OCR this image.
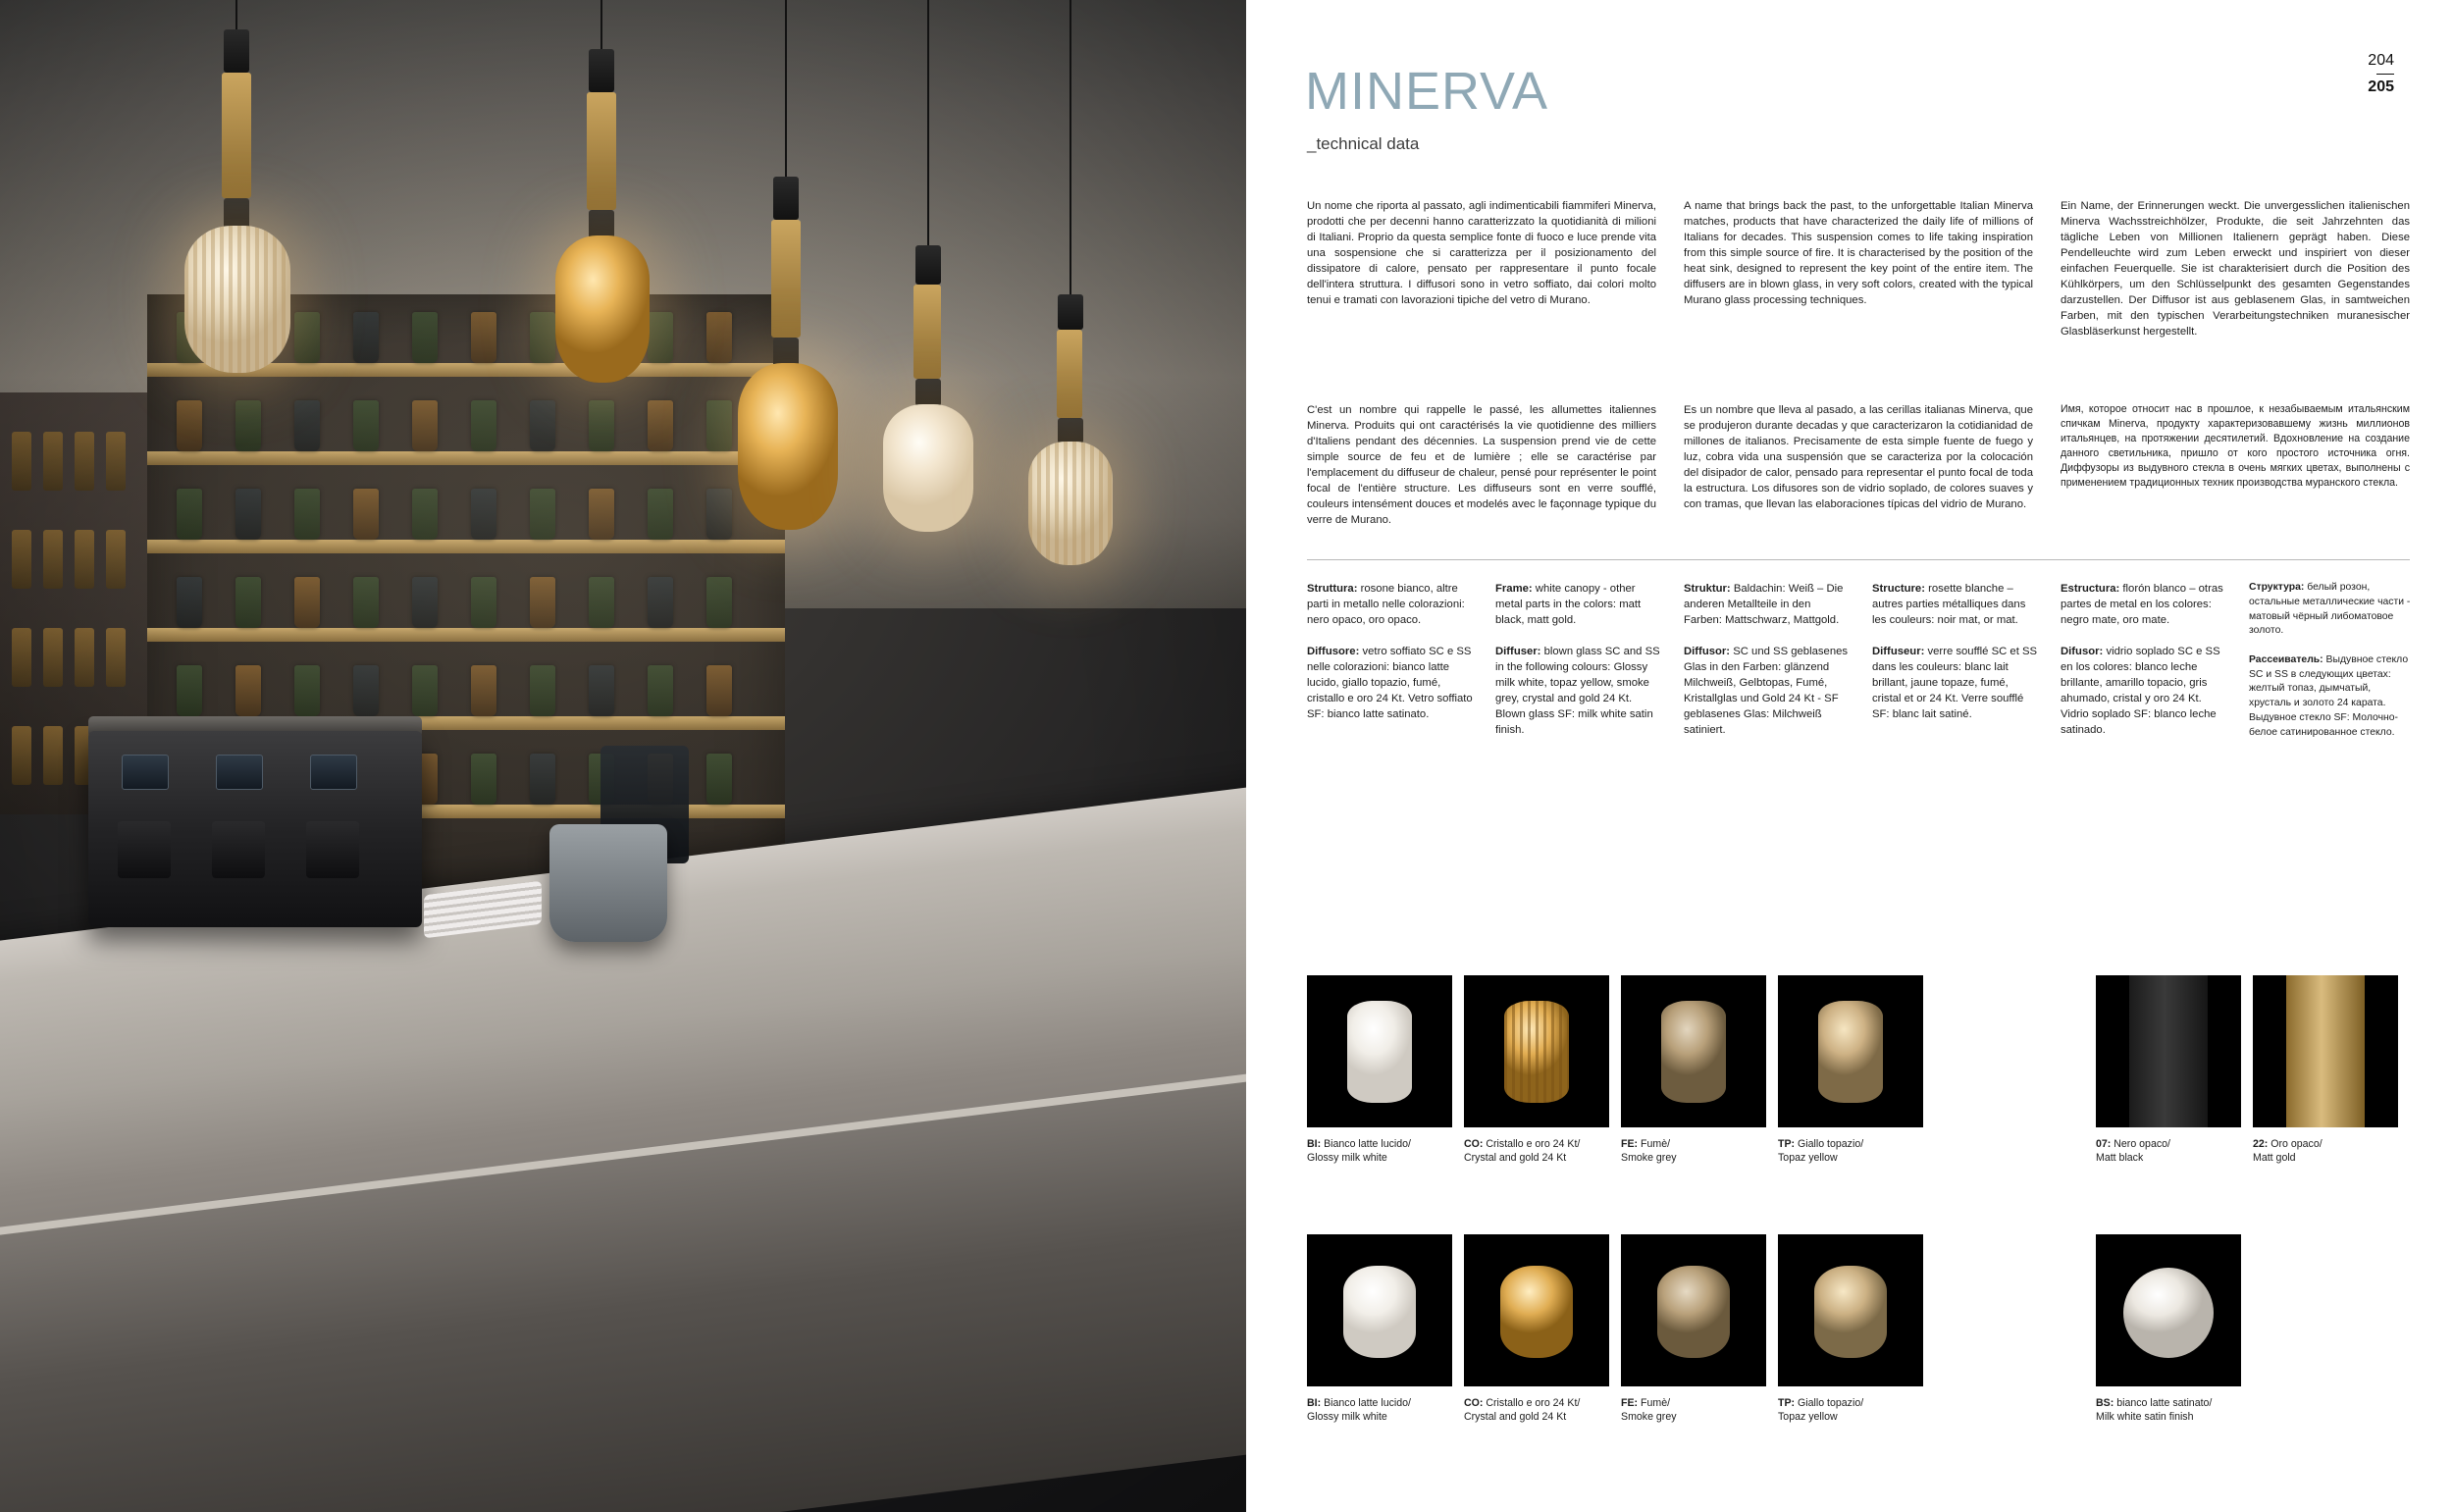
204
205
MINERVA
_technical data
Un nome che riporta al passato, agli indimenticabili fiammiferi Minerva, prodotti che per decenni hanno caratterizzato la quotidianità di milioni di Italiani. Proprio da questa semplice fonte di fuoco e luce prende vita una sospensione che si caratterizza per il posizionamento del dissipatore di calore, pensato per rappresentare il punto focale dell'intera struttura. I diffusori sono in vetro soffiato, dai colori molto tenui e tramati con lavorazioni tipiche del vetro di Murano.
A name that brings back the past, to the unforgettable Italian Minerva matches, products that have characterized the daily life of millions of Italians for decades. This suspension comes to life taking inspiration from this simple source of fire. It is characterised by the position of the heat sink, designed to represent the key point of the entire item. The diffusers are in blown glass, in very soft colors, created with the typical Murano glass processing techniques.
Ein Name, der Erinnerungen weckt. Die unvergesslichen italienischen Minerva Wachsstreichhölzer, Produkte, die seit Jahrzehnten das tägliche Leben von Millionen Italienern geprägt haben. Diese Pendelleuchte wird zum Leben erweckt und inspiriert von dieser einfachen Feuerquelle. Sie ist charakterisiert durch die Position des Kühlkörpers, um den Schlüsselpunkt des gesamten Gegenstandes darzustellen. Der Diffusor ist aus geblasenem Glas, in samtweichen Farben, mit den typischen Verarbeitungstechniken muranesischer Glasbläserkunst hergestellt.
C'est un nombre qui rappelle le passé, les allumettes italiennes Minerva. Produits qui ont caractérisés la vie quotidienne des milliers d'Italiens pendant des décennies. La suspension prend vie de cette simple source de feu et de lumière ; elle se caractérise par l'emplacement du diffuseur de chaleur, pensé pour représenter le point focal de l'entière structure. Les diffuseurs sont en verre soufflé, couleurs intensément douces et modelés avec le façonnage typique du verre de Murano.
Es un nombre que lleva al pasado, a las cerillas italianas Minerva, que se produjeron durante decadas y que caracterizaron la cotidianidad de millones de italianos. Precisamente de esta simple fuente de fuego y luz, cobra vida una suspensión que se caracteriza por la colocación del disipador de calor, pensado para representar el punto focal de toda la estructura. Los difusores son de vidrio soplado, de colores suaves y con tramas, que llevan las elaboraciones típicas del vidrio de Murano.
Имя, которое относит нас в прошлое, к незабываемым итальянским спичкам Minerva, продукту характеризовавшему жизнь миллионов итальянцев, на протяжении десятилетий. Вдохновление на создание данного светильника, пришло от кого простого источника огня. Диффузоры из выдувного стекла в очень мягких цветах, выполнены с применением традиционных техник производства муранского стекла.
Struttura: rosone bianco, altre parti in metallo nelle colorazioni: nero opaco, oro opaco.

Diffusore: vetro soffiato SC e SS nelle colorazioni: bianco latte lucido, giallo topazio, fumé, cristallo e oro 24 Kt. Vetro soffiato SF: bianco latte satinato.
Frame: white canopy - other metal parts in the colors: matt black, matt gold.

Diffuser: blown glass SC and SS in the following colours: Glossy milk white, topaz yellow, smoke grey, crystal and gold 24 Kt. Blown glass SF: milk white satin finish.
Struktur: Baldachin: Weiß – Die anderen Metallteile in den Farben: Mattschwarz, Mattgold.

Diffusor: SC und SS geblasenes Glas in den Farben: glänzend Milchweiß, Gelbtopas, Fumé, Kristallglas und Gold 24 Kt - SF geblasenes Glas: Milchweiß satiniert.
Structure: rosette blanche – autres parties métalliques dans les couleurs: noir mat, or mat.

Diffuseur: verre soufflé SC et SS dans les couleurs: blanc lait brillant, jaune topaze, fumé, cristal et or 24 Kt. Verre soufflé SF: blanc lait satiné.
Estructura: florón blanco – otras partes de metal en los colores: negro mate, oro mate.

Difusor: vidrio soplado SC e SS en los colores: blanco leche brillante, amarillo topacio, gris ahumado, cristal y oro 24 Kt. Vidrio soplado SF: blanco leche satinado.
Структура: белый розон, остальные металлические части - матовый чёрный либоматовое золото.

Рассеиватель: Выдувное стекло SC и SS в следующих цветах: желтый топаз, дымчатый, хрусталь и золото 24 карата. Выдувное стекло SF: Молочно-белое сатинированное стекло.
BI: Bianco latte lucido/
Glossy milk white
CO: Cristallo e oro 24 Kt/
Crystal and gold 24 Kt
FE: Fumè/
Smoke grey
TP: Giallo topazio/
Topaz yellow
07: Nero opaco/
Matt black
22: Oro opaco/
Matt gold
BI: Bianco latte lucido/
Glossy milk white
CO: Cristallo e oro 24 Kt/
Crystal and gold 24 Kt
FE: Fumè/
Smoke grey
TP: Giallo topazio/
Topaz yellow
BS: bianco latte satinato/
Milk white satin finish
